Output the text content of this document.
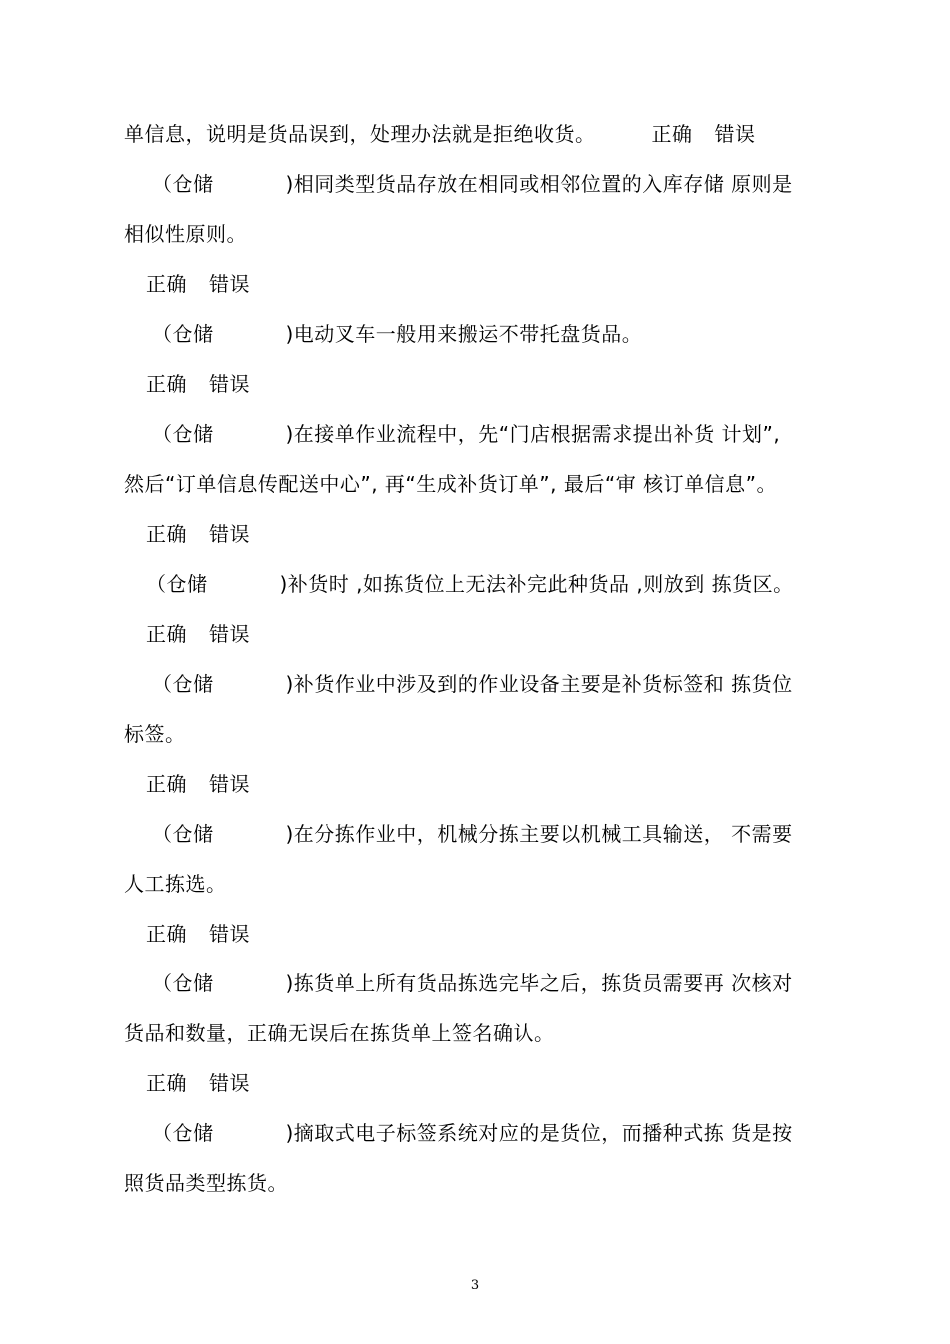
单信息，说明是货品误到，处理办法就是拒绝收货。	正确 错误
（仓储	)相同类型货品存放在相同或相邻位置的入库存储 原则是
相似性原则。
正确 错误
（仓储	)电动叉车一般用来搬运不带托盘货品。
正确 错误
（仓储	)在接单作业流程中，先“门店根据需求提出补货 计划”,
然后“订单信息传配送中心”, 再“生成补货订单”, 最后“审 核订单信息”。
正确 错误
（仓储	)补货时 ,如拣货位上无法补完此种货品 ,则放到 拣货区。
正确 错误
（仓储	)补货作业中涉及到的作业设备主要是补货标签和 拣货位
标签。
正确 错误
（仓储	)在分拣作业中，机械分拣主要以机械工具输送， 不需要
人工拣选。
正确 错误
（仓储	)拣货单上所有货品拣选完毕之后，拣货员需要再 次核对
货品和数量，正确无误后在拣货单上签名确认。
正确 错误
（仓储	)摘取式电子标签系统对应的是货位，而播种式拣 货是按
照货品类型拣货。
3
